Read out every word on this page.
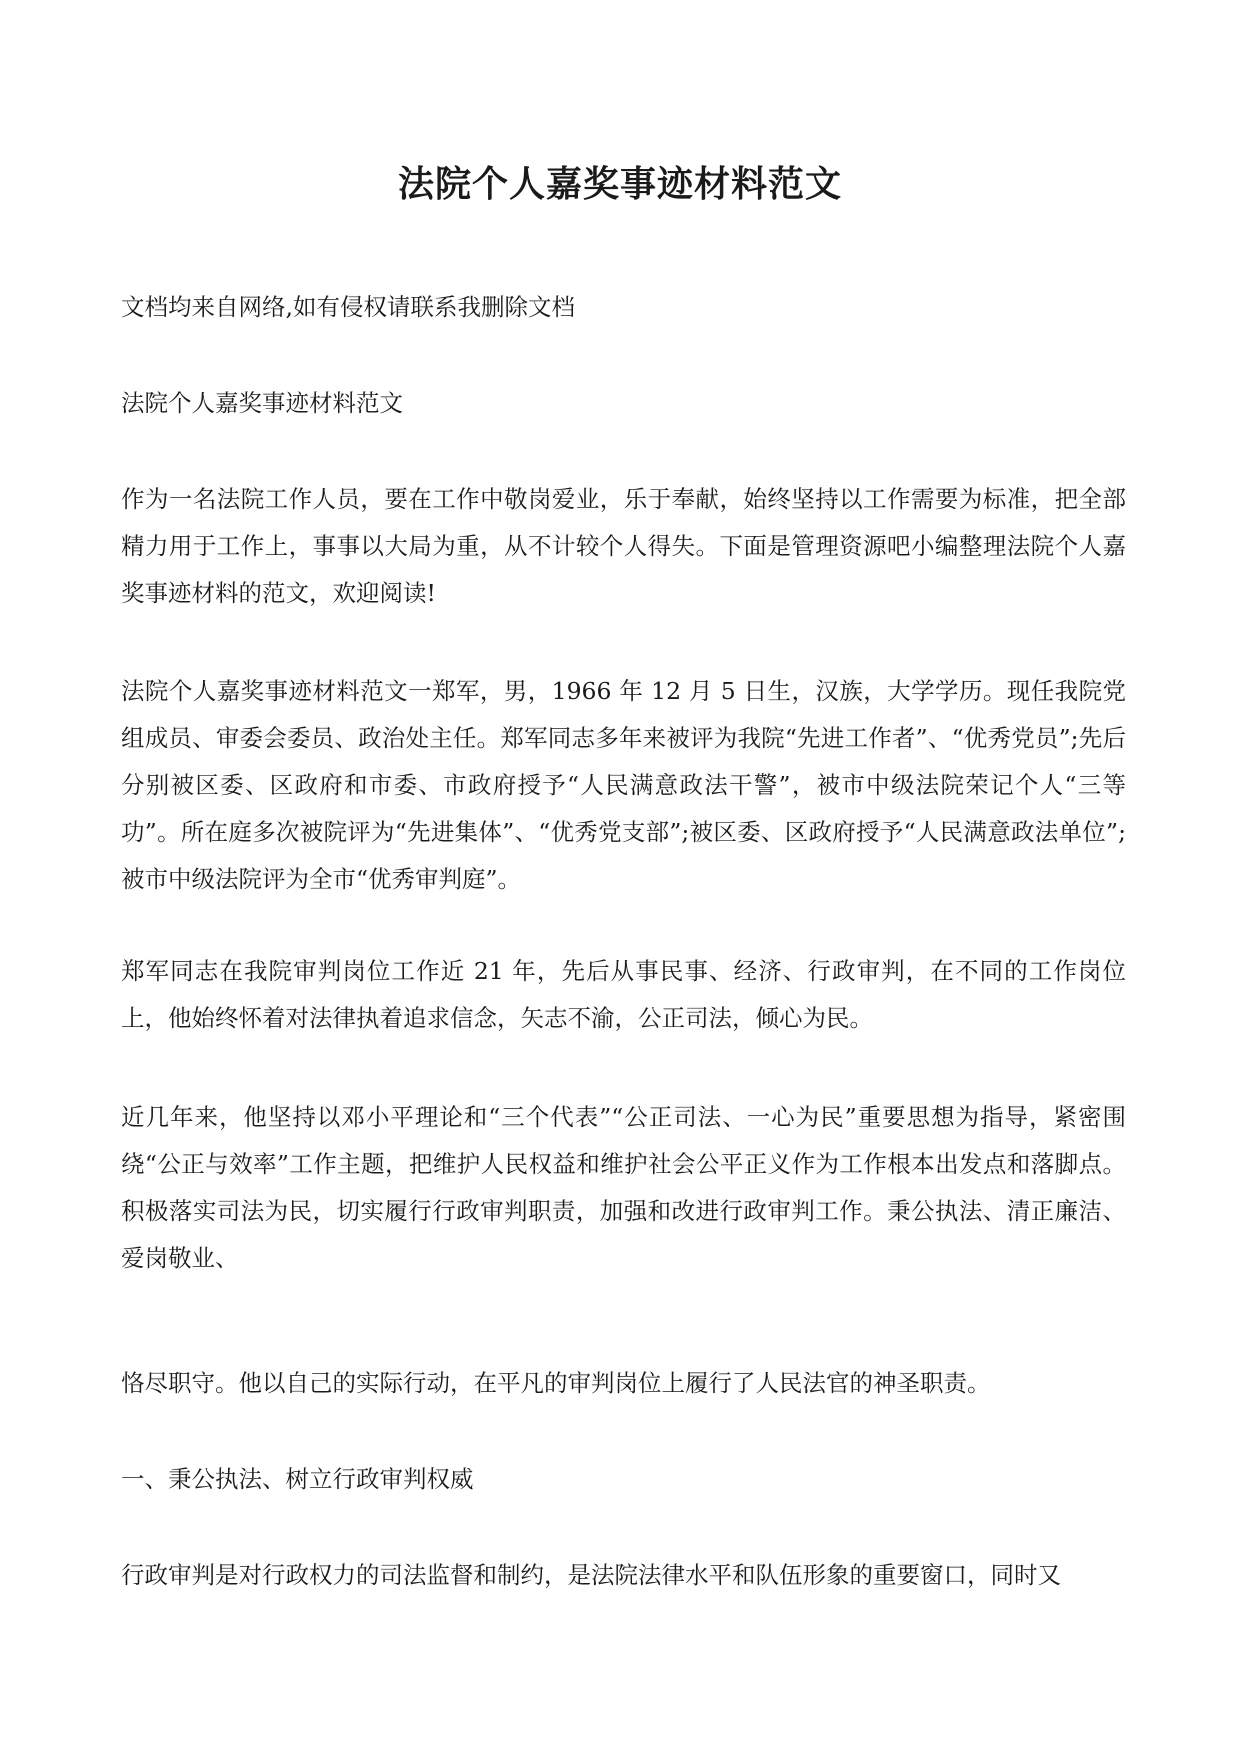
法院个人嘉奖事迹材料范文
文档均来自网络,如有侵权请联系我删除文档
法院个人嘉奖事迹材料范文
作为一名法院工作人员，要在工作中敬岗爱业，乐于奉献，始终坚持以工作需要为标准，把全部精力用于工作上，事事以大局为重，从不计较个人得失。下面是管理资源吧小编整理法院个人嘉奖事迹材料的范文，欢迎阅读!
法院个人嘉奖事迹材料范文一郑军，男，1966 年 12 月 5 日生，汉族，大学学历。现任我院党组成员、审委会委员、政治处主任。郑军同志多年来被评为我院“先进工作者”、“优秀党员”;先后分别被区委、区政府和市委、市政府授予“人民满意政法干警”，被市中级法院荣记个人“三等功”。所在庭多次被院评为“先进集体”、“优秀党支部”;被区委、区政府授予“人民满意政法单位”;被市中级法院评为全市“优秀审判庭”。
郑军同志在我院审判岗位工作近 21 年，先后从事民事、经济、行政审判，在不同的工作岗位上，他始终怀着对法律执着追求信念，矢志不渝，公正司法，倾心为民。
近几年来，他坚持以邓小平理论和“三个代表”“公正司法、一心为民”重要思想为指导，紧密围绕“公正与效率”工作主题，把维护人民权益和维护社会公平正义作为工作根本出发点和落脚点。积极落实司法为民，切实履行行政审判职责，加强和改进行政审判工作。秉公执法、清正廉洁、爱岗敬业、
恪尽职守。他以自己的实际行动，在平凡的审判岗位上履行了人民法官的神圣职责。
一、秉公执法、树立行政审判权威
行政审判是对行政权力的司法监督和制约，是法院法律水平和队伍形象的重要窗口，同时又
